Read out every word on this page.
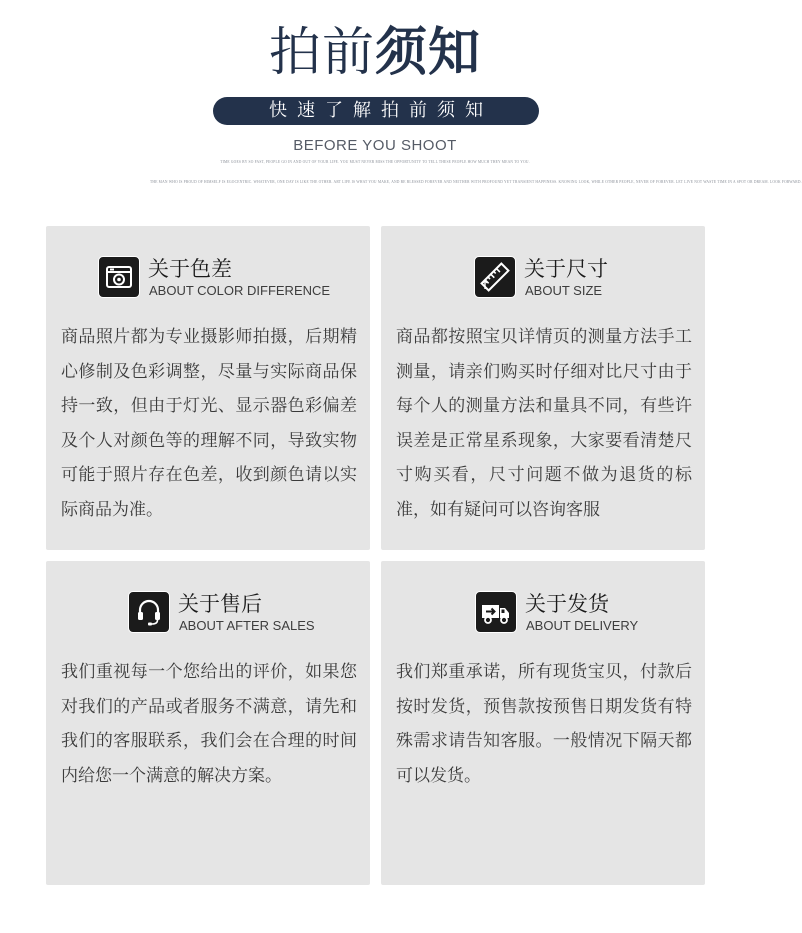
拍前须知
快速了解拍前须知
BEFORE YOU SHOOT
TIME GOES BY SO FAST, PEOPLE GO IN AND OUT OF YOUR LIFE. YOU MUST NEVER MISS THE OPPORTUNITY TO TELL THESE PEOPLE HOW MUCH THEY MEAN TO YOU.
THE MAN WHO IS PROUD OF HIMSELF IS EGOCENTRIC. WHATEVER, ONE DAY IS LIKE THE OTHER. ART LIFE IS WHAT YOU MAKE, AND BE BLESSED FOREVER AND NEITHER WITH PROFOUND YET TRANSIENT HAPPINESS. KNOWING LOOK, WHILE OTHER PEOPLE, NEVER OF FOREVER. LET LIVE NOT WASTE TIME IN A SPOT OR DREAM. LOOK FORWARD.
关于色差
ABOUT COLOR DIFFERENCE
商品照片都为专业摄影师拍摄，后期精心修制及色彩调整，尽量与实际商品保持一致，但由于灯光、显示器色彩偏差及个人对颜色等的理解不同，导致实物可能于照片存在色差，收到颜色请以实际商品为准。
关于尺寸
ABOUT SIZE
商品都按照宝贝详情页的测量方法手工测量，请亲们购买时仔细对比尺寸由于每个人的测量方法和量具不同，有些许误差是正常星系现象，大家要看清楚尺寸购买看，尺寸问题不做为退货的标准，如有疑问可以咨询客服
关于售后
ABOUT AFTER SALES
我们重视每一个您给出的评价，如果您对我们的产品或者服务不满意，请先和我们的客服联系，我们会在合理的时间内给您一个满意的解决方案。
关于发货
ABOUT DELIVERY
我们郑重承诺，所有现货宝贝，付款后按时发货，预售款按预售日期发货有特殊需求请告知客服。一般情况下隔天都可以发货。
